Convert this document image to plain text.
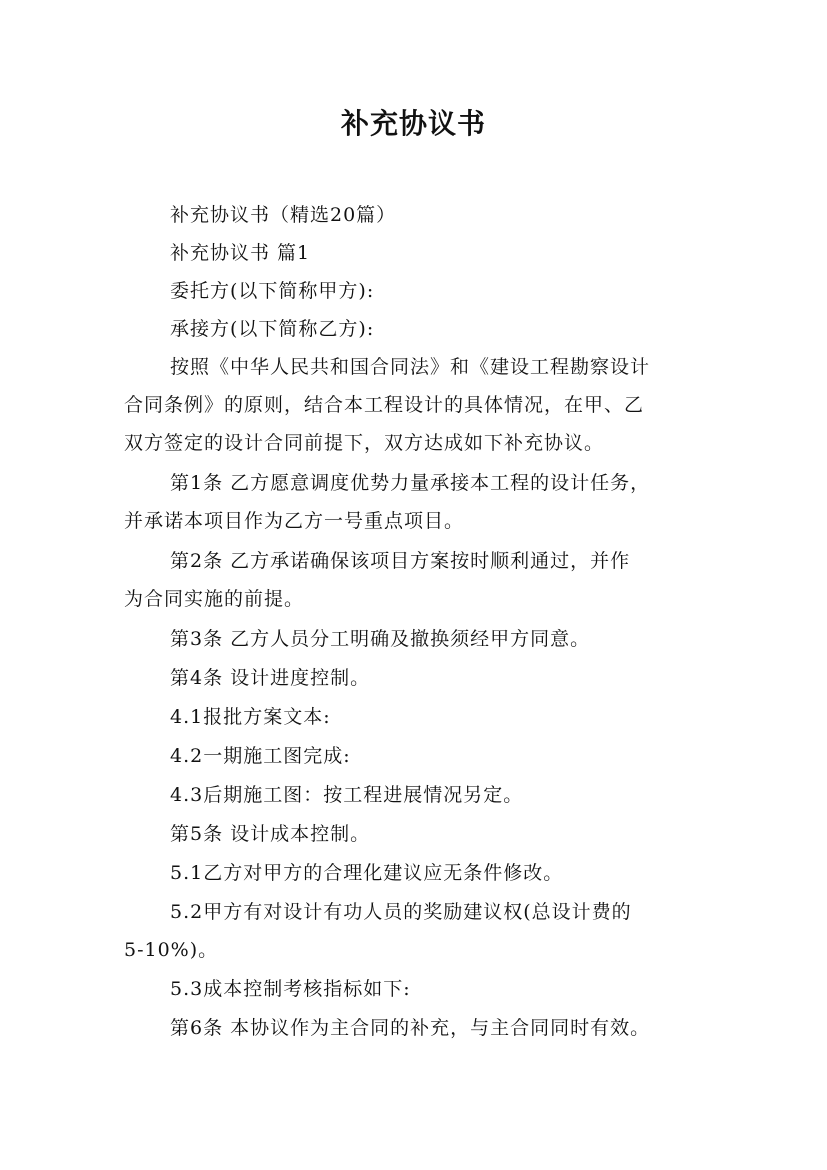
补充协议书
补充协议书（精选20篇）
补充协议书 篇1
委托方(以下简称甲方):
承接方(以下简称乙方):
按照《中华人民共和国合同法》和《建设工程勘察设计
合同条例》的原则，结合本工程设计的具体情况，在甲、乙
双方签定的设计合同前提下，双方达成如下补充协议。
第1条 乙方愿意调度优势力量承接本工程的设计任务，
并承诺本项目作为乙方一号重点项目。
第2条 乙方承诺确保该项目方案按时顺利通过，并作
为合同实施的前提。
第3条 乙方人员分工明确及撤换须经甲方同意。
第4条 设计进度控制。
4.1报批方案文本:
4.2一期施工图完成:
4.3后期施工图：按工程进展情况另定。
第5条 设计成本控制。
5.1乙方对甲方的合理化建议应无条件修改。
5.2甲方有对设计有功人员的奖励建议权(总设计费的
5-10%)。
5.3成本控制考核指标如下:
第6条 本协议作为主合同的补充，与主合同同时有效。
